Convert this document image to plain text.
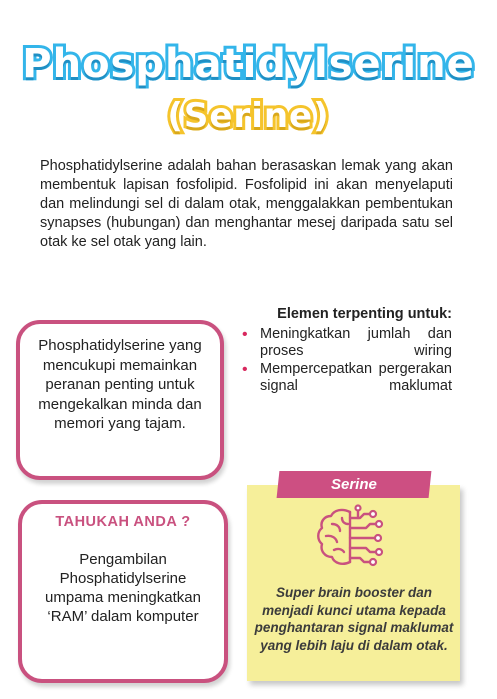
Phosphatidylserine
(Serine)

Phosphatidylserine adalah bahan berasaskan lemak yang akan membentuk lapisan fosfolipid. Fosfolipid ini akan menyelaputi dan melindungi sel di dalam otak, menggalakkan pembentukan synapses (hubungan) dan menghantar mesej daripada satu sel otak ke sel otak yang lain.

Elemen terpenting untuk:
• Meningkatkan jumlah dan proses wiring
• Mempercepatkan pergerakan signal maklumat

Phosphatidylserine yang mencukupi memainkan peranan penting untuk mengekalkan minda dan memori yang tajam.

TAHUKAH ANDA ?

Pengambilan Phosphatidylserine umpama meningkatkan ‘RAM’ dalam komputer

Serine

Super brain booster dan menjadi kunci utama kepada penghantaran signal maklumat yang lebih laju di dalam otak.
